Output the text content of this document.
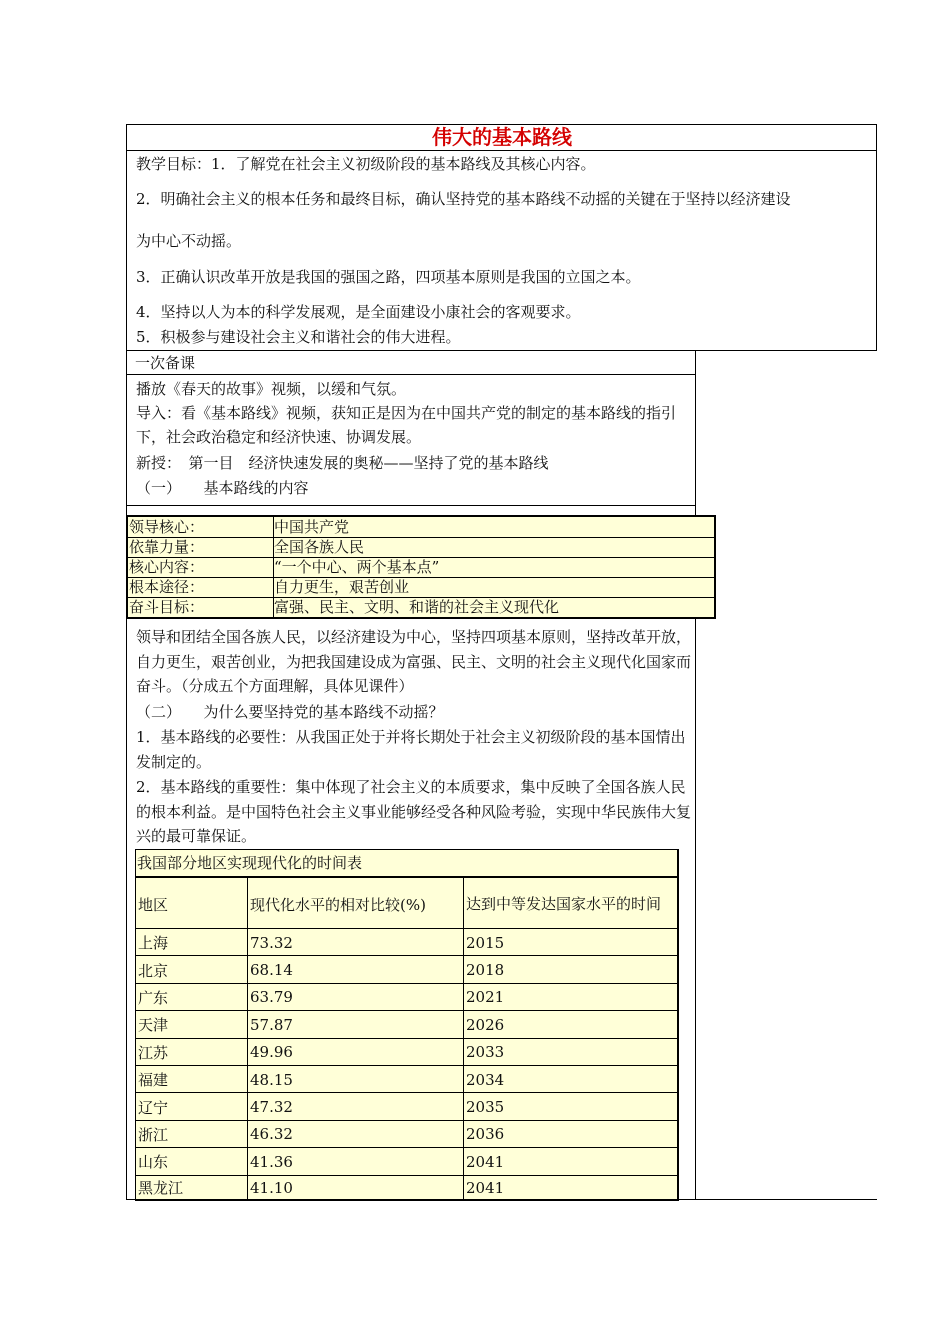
伟大的基本路线
教学目标：1．了解党在社会主义初级阶段的基本路线及其核心内容。
2．明确社会主义的根本任务和最终目标，确认坚持党的基本路线不动摇的关键在于坚持以经济建设
为中心不动摇。
3．正确认识改革开放是我国的强国之路，四项基本原则是我国的立国之本。
4．坚持以人为本的科学发展观，是全面建设小康社会的客观要求。
5．积极参与建设社会主义和谐社会的伟大进程。
一次备课
播放《春天的故事》视频，以缓和气氛。
导入：看《基本路线》视频，获知正是因为在中国共产党的制定的基本路线的指引下，社会政治稳定和经济快速、协调发展。
新授：　第一目　经济快速发展的奥秘——坚持了党的基本路线
（一）　　基本路线的内容
领导核心：	中国共产党
依靠力量：	全国各族人民
核心内容：	“一个中心、两个基本点”
根本途径：	自力更生，艰苦创业
奋斗目标：	富强、民主、文明、和谐的社会主义现代化
领导和团结全国各族人民，以经济建设为中心，坚持四项基本原则，坚持改革开放，自力更生，艰苦创业，为把我国建设成为富强、民主、文明的社会主义现代化国家而奋斗。（分成五个方面理解，具体见课件）
（二）　　为什么要坚持党的基本路线不动摇？
1．基本路线的必要性：从我国正处于并将长期处于社会主义初级阶段的基本国情出发制定的。
2．基本路线的重要性：集中体现了社会主义的本质要求，集中反映了全国各族人民的根本利益。是中国特色社会主义事业能够经受各种风险考验，实现中华民族伟大复兴的最可靠保证。
我国部分地区实现现代化的时间表
地区	现代化水平的相对比较(%)	达到中等发达国家水平的时间
上海	73.32	2015
北京	68.14	2018
广东	63.79	2021
天津	57.87	2026
江苏	49.96	2033
福建	48.15	2034
辽宁	47.32	2035
浙江	46.32	2036
山东	41.36	2041
黑龙江	41.10	2041
